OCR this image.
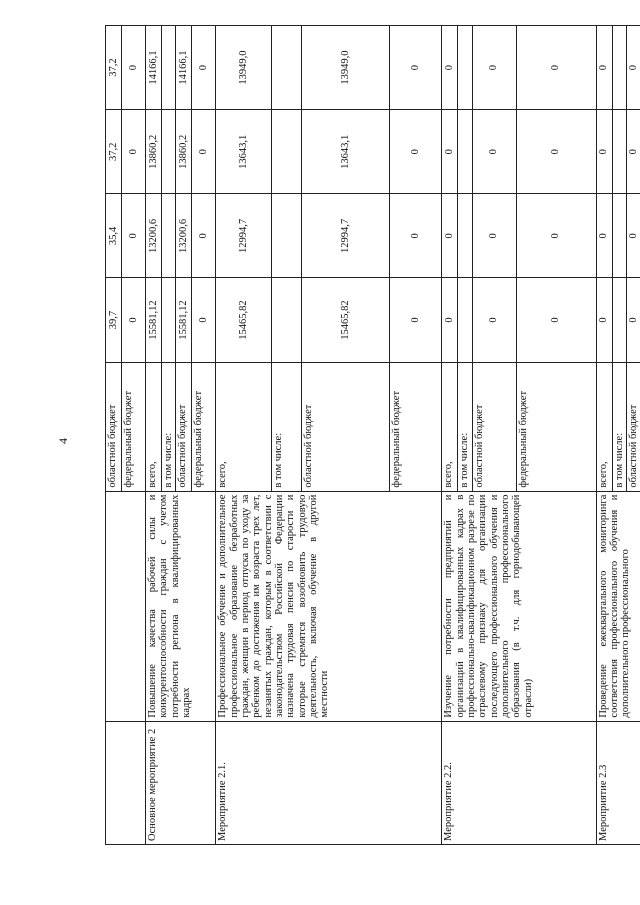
4
			областной бюджет	39,7	35,4	37,2	37,2
		федеральный бюджет	0	0	0	0
Основное мероприятие 2	Повышение качества рабочей силы и конкурентоспособности граждан с учетом потребности региона в квалифицированных кадрах	всего,	15581,12	13200,6	13860,2	14166,1
		в том числе:				
		областной бюджет	15581,12	13200,6	13860,2	14166,1
		федеральный бюджет	0	0	0	0
Мероприятие 2.1.	Профессиональное обучение и дополнительное профессиональное образование безработных граждан, женщин в период отпуска по уходу за ребенком до достижения им возраста трех лет, незанятых граждан, которым в соответствии с законодательством Российской Федерации назначена трудовая пенсия по старости и которые стремятся возобновить трудовую деятельность, включая обучение в другой местности	всего,	15465,82	12994,7	13643,1	13949,0
		в том числе:				
		областной бюджет	15465,82	12994,7	13643,1	13949,0
		федеральный бюджет	0	0	0	0
Мероприятие 2.2.	Изучение потребности предприятий и организаций в квалифицированных кадрах в профессионально-квалификационном разрезе по отраслевому признаку для организации последующего профессионального обучения и дополнительного профессионального образования (в т.ч. для горнодобывающей отрасли)	всего,	0	0	0	0
		в том числе:				
		областной бюджет	0	0	0	0
		федеральный бюджет	0	0	0	0
Мероприятие 2.3	Проведение ежеквартального мониторинга соответствия профессионального обучения и дополнительного профессионального	всего,	0	0	0	0
		в том числе:				
		областной бюджет	0	0	0	0
